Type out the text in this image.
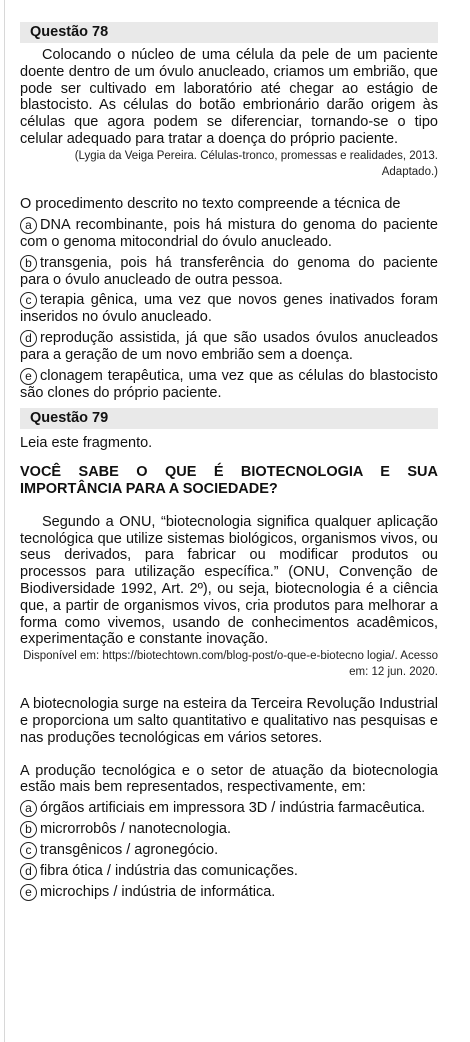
Questão 78

Colocando o núcleo de uma célula da pele de um paciente doente dentro de um óvulo anucleado, criamos um embrião, que pode ser cultivado em laboratório até chegar ao estágio de blastocisto. As células do botão embrionário darão origem às células que agora podem se diferenciar, tornando-se o tipo celular adequado para tratar a doença do próprio paciente.

(Lygia da Veiga Pereira. Células-tronco, promessas e realidades, 2013. Adaptado.)

O procedimento descrito no texto compreende a técnica de

a DNA recombinante, pois há mistura do genoma do paciente com o genoma mitocondrial do óvulo anucleado.

b transgenia, pois há transferência do genoma do paciente para o óvulo anucleado de outra pessoa.

c terapia gênica, uma vez que novos genes inativados foram inseridos no óvulo anucleado.

d reprodução assistida, já que são usados óvulos anucleados para a geração de um novo embrião sem a doença.

e clonagem terapêutica, uma vez que as células do blastocisto são clones do próprio paciente.

Questão 79

Leia este fragmento.

VOCÊ SABE O QUE É BIOTECNOLOGIA E SUA IMPORTÂNCIA PARA A SOCIEDADE?

Segundo a ONU, “biotecnologia significa qualquer aplicação tecnológica que utilize sistemas biológicos, organismos vivos, ou seus derivados, para fabricar ou modificar produtos ou processos para utilização específica.” (ONU, Convenção de Biodiversidade 1992, Art. 2º), ou seja, biotecnologia é a ciência que, a partir de organismos vivos, cria produtos para melhorar a forma como vivemos, usando de conhecimentos acadêmicos, experimentação e constante inovação.

Disponível em: https://biotechtown.com/blog-post/o-que-e-biotecno logia/. Acesso em: 12 jun. 2020.

A biotecnologia surge na esteira da Terceira Revolução Industrial e proporciona um salto quantitativo e qualitativo nas pesquisas e nas produções tecnológicas em vários setores.

A produção tecnológica e o setor de atuação da biotecnologia estão mais bem representados, respectivamente, em:

a órgãos artificiais em impressora 3D / indústria farmacêutica.

b microrrobôs / nanotecnologia.

c transgênicos / agronegócio.

d fibra ótica / indústria das comunicações.

e microchips / indústria de informática.
